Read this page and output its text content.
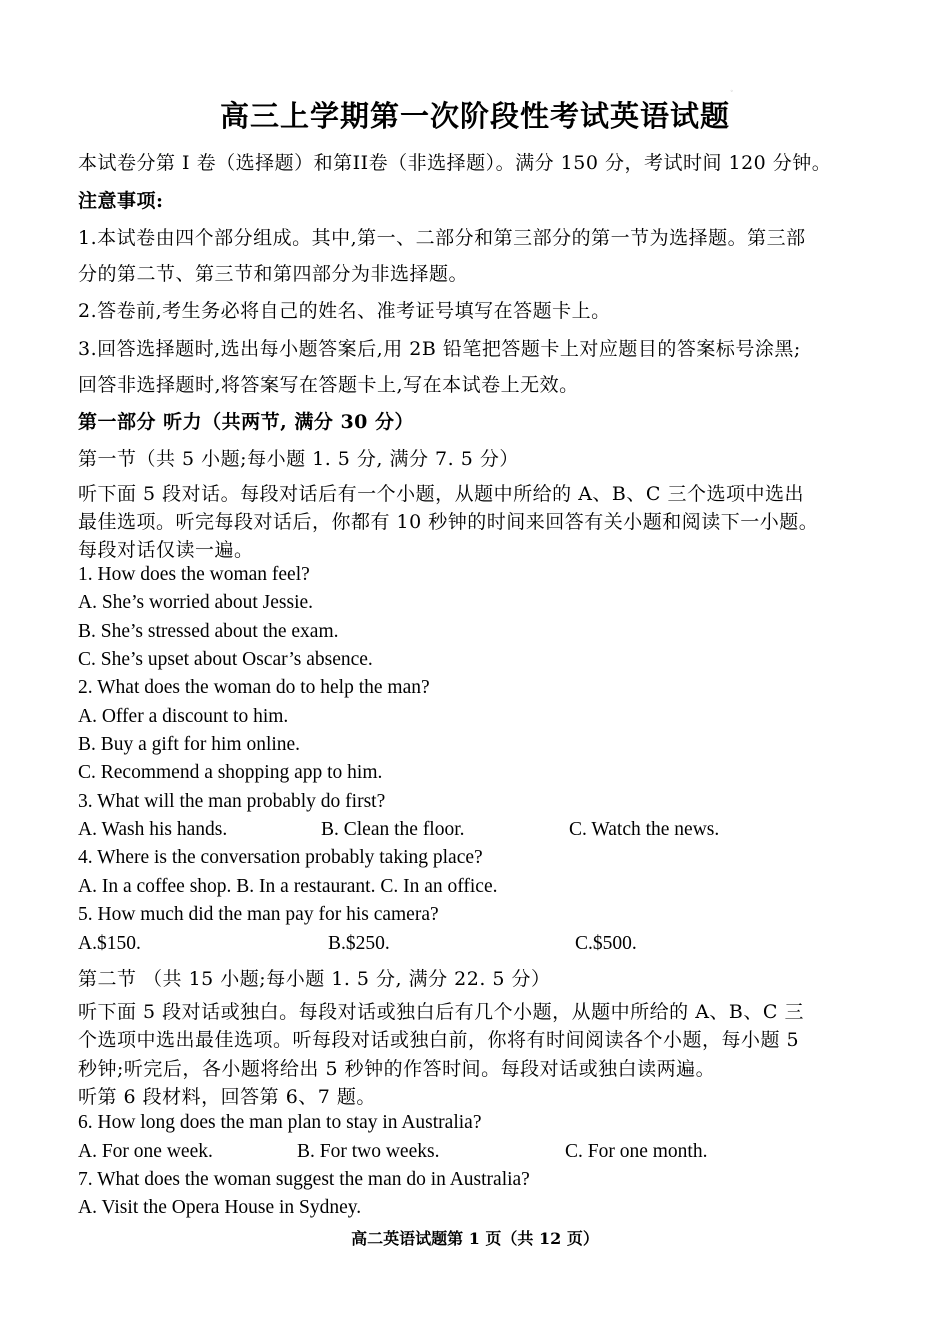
◦
高三上学期第一次阶段性考试英语试题
本试卷分第 I 卷（选择题）和第II卷（非选择题）。满分 150 分，考试时间 120 分钟。
注意事项:
1.本试卷由四个部分组成。其中,第一、二部分和第三部分的第一节为选择题。第三部
分的第二节、第三节和第四部分为非选择题。
2.答卷前,考生务必将自己的姓名、准考证号填写在答题卡上。
3.回答选择题时,选出每小题答案后,用 2B 铅笔把答题卡上对应题目的答案标号涂黑;
回答非选择题时,将答案写在答题卡上,写在本试卷上无效。
第一部分 听力（共两节, 满分 30 分）
第一节（共 5 小题;每小题 1. 5 分, 满分 7. 5 分）
听下面 5 段对话。每段对话后有一个小题，从题中所给的 A、B、C 三个选项中选出
最佳选项。听完每段对话后，你都有 10 秒钟的时间来回答有关小题和阅读下一小题。
每段对话仅读一遍。
1. How does the woman feel?
A. She’s worried about Jessie.
B. She’s stressed about the exam.
C. She’s upset about Oscar’s absence.
2. What does the woman do to help the man?
A. Offer a discount to him.
B. Buy a gift for him online.
C. Recommend a shopping app to him.
3. What will the man probably do first?
A. Wash his hands.	B. Clean the floor.	C. Watch the news.
4. Where is the conversation probably taking place?
A. In a coffee shop. B. In a restaurant. C. In an office.
5. How much did the man pay for his camera?
A.$150.	B.$250.	C.$500.
第二节 （共 15 小题;每小题 1. 5 分, 满分 22. 5 分）
听下面 5 段对话或独白。每段对话或独白后有几个小题，从题中所给的 A、B、C 三
个选项中选出最佳选项。听每段对话或独白前，你将有时间阅读各个小题，每小题 5
秒钟;听完后，各小题将给出 5 秒钟的作答时间。每段对话或独白读两遍。
听第 6 段材料，回答第 6、7 题。
6. How long does the man plan to stay in Australia?
A. For one week.	B. For two weeks.	C. For one month.
7. What does the woman suggest the man do in Australia?
A. Visit the Opera House in Sydney.
高二英语试题第 1 页（共 12 页）
